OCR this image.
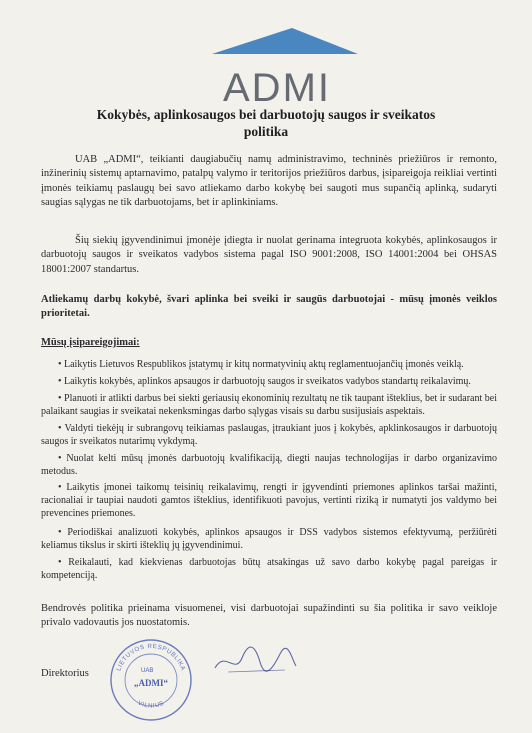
ADMI
Kokybės, aplinkosaugos bei darbuotojų saugos ir sveikatos
politika
UAB „ADMI“, teikianti daugiabučių namų administravimo, techninės priežiūros ir remonto, inžinerinių sistemų aptarnavimo, patalpų valymo ir teritorijos priežiūros darbus, įsipareigoja reikliai vertinti įmonės teikiamų paslaugų bei savo atliekamo darbo kokybę bei saugoti mus supančią aplinką, sudaryti saugias sąlygas ne tik darbuotojams, bet ir aplinkiniams.
Šių siekių įgyvendinimui įmonėje įdiegta ir nuolat gerinama integruota kokybės, aplinkosaugos ir darbuotojų saugos ir sveikatos vadybos sistema pagal ISO 9001:2008, ISO 14001:2004 bei OHSAS 18001:2007 standartus.
Atliekamų darbų kokybė, švari aplinka bei sveiki ir saugūs darbuotojai - mūsų įmonės veiklos prioritetai.
Mūsų įsipareigojimai:
• Laikytis Lietuvos Respublikos įstatymų ir kitų normatyvinių aktų reglamentuojančių įmonės veiklą.
• Laikytis kokybės, aplinkos apsaugos ir darbuotojų saugos ir sveikatos vadybos standartų reikalavimų.
• Planuoti ir atlikti darbus bei siekti geriausių ekonominių rezultatų ne tik taupant išteklius, bet ir sudarant bei palaikant saugias ir sveikatai nekenksmingas darbo sąlygas visais su darbu susijusiais aspektais.
• Valdyti tiekėjų ir subrangovų teikiamas paslaugas, įtraukiant juos į kokybės, apklinkosaugos ir darbuotojų saugos ir sveikatos nutarimų vykdymą.
• Nuolat kelti mūsų įmonės darbuotojų kvalifikaciją, diegti naujas technologijas ir darbo organizavimo metodus.
• Laikytis įmonei taikomų teisinių reikalavimų, rengti ir įgyvendinti priemones aplinkos taršai mažinti, racionaliai ir taupiai naudoti gamtos išteklius, identifikuoti pavojus, vertinti riziką ir numatyti jos valdymo bei prevencines priemones.
• Periodiškai analizuoti kokybės, aplinkos apsaugos ir DSS vadybos sistemos efektyvumą, peržiūrėti keliamus tikslus ir skirti išteklių jų įgyvendinimui.
• Reikalauti, kad kiekvienas darbuotojas būtų atsakingas už savo darbo kokybę pagal pareigas ir kompetenciją.
Bendrovės politika prieinama visuomenei, visi darbuotojai supažindinti su šia politika ir savo veikloje privalo vadovautis jos nuostatomis.
Direktorius	LIETUVOS RESPUBLIKA
VILNIUS
UAB
„ADMI“
